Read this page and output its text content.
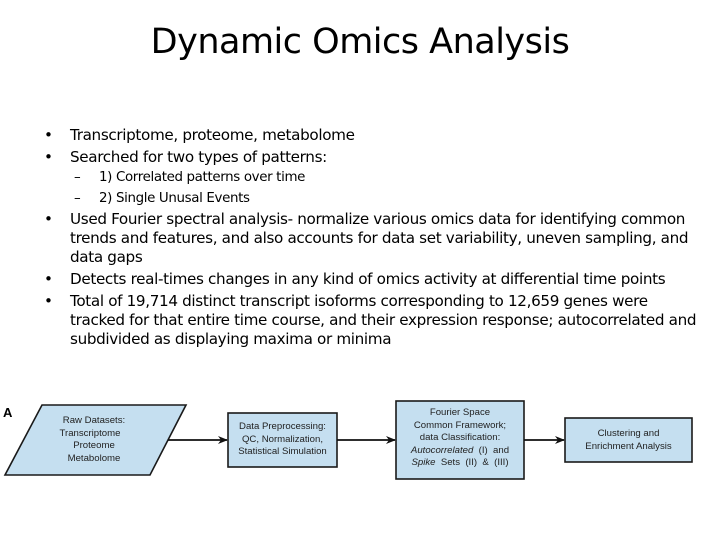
Dynamic Omics Analysis
• Transcriptome, proteome, metabolome
• Searched for two types of patterns:
– 1) Correlated patterns over time
– 2) Single Unusal Events
• Used Fourier spectral analysis- normalize various omics data for identifying common trends and features, and also accounts for data set variability, uneven sampling, and data gaps
• Detects real-times changes in any kind of omics activity at differential time points
• Total of 19,714 distinct transcript isoforms corresponding to 12,659 genes were tracked for that entire time course, and their expression response; autocorrelated and subdivided as displaying maxima or minima
A
Raw Datasets:
Transcriptome
Proteome
Metabolome
Data Preprocessing:
QC, Normalization,
Statistical Simulation
Fourier Space
Common Framework;
data Classification:
Autocorrelated  (I)  and
Spike  Sets  (II)  &  (III)
Clustering and
Enrichment Analysis
